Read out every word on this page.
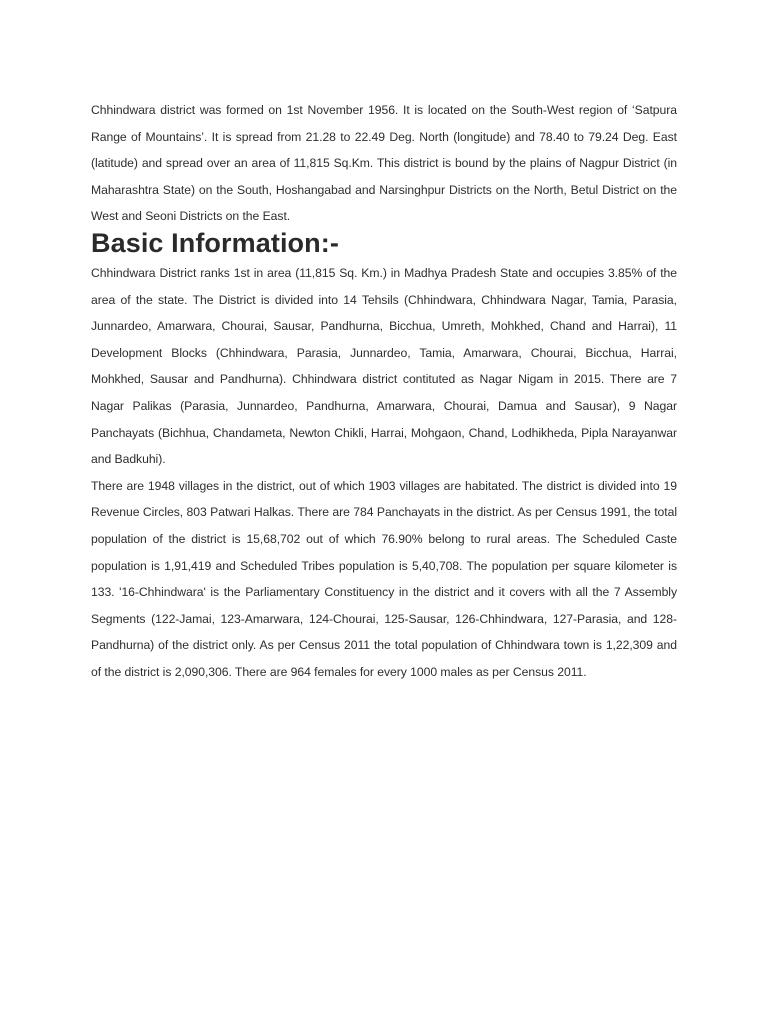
Chhindwara district was formed on 1st November 1956. It is located on the South-West region of ‘Satpura Range of Mountains’. It is spread from 21.28 to 22.49 Deg. North (longitude) and 78.40 to 79.24 Deg. East (latitude) and spread over an area of 11,815 Sq.Km. This district is bound by the plains of Nagpur District (in Maharashtra State) on the South, Hoshangabad and Narsinghpur Districts on the North, Betul District on the West and Seoni Districts on the East.

Basic Information:-

Chhindwara District ranks 1st in area (11,815 Sq. Km.) in Madhya Pradesh State and occupies 3.85% of the area of the state. The District is divided into 14 Tehsils (Chhindwara, Chhindwara Nagar, Tamia, Parasia, Junnardeo, Amarwara, Chourai, Sausar, Pandhurna, Bicchua, Umreth, Mohkhed, Chand and Harrai), 11 Development Blocks (Chhindwara, Parasia, Junnardeo, Tamia, Amarwara, Chourai, Bicchua, Harrai, Mohkhed, Sausar and Pandhurna). Chhindwara district contituted as Nagar Nigam in 2015. There are 7 Nagar Palikas (Parasia, Junnardeo, Pandhurna, Amarwara, Chourai, Damua and Sausar), 9 Nagar Panchayats (Bichhua, Chandameta, Newton Chikli, Harrai, Mohgaon, Chand, Lodhikheda, Pipla Narayanwar and Badkuhi).

There are 1948 villages in the district, out of which 1903 villages are habitated. The district is divided into 19 Revenue Circles, 803 Patwari Halkas. There are 784 Panchayats in the district. As per Census 1991, the total population of the district is 15,68,702 out of which 76.90% belong to rural areas. The Scheduled Caste population is 1,91,419 and Scheduled Tribes population is 5,40,708. The population per square kilometer is 133. '16-Chhindwara' is the Parliamentary Constituency in the district and it covers with all the 7 Assembly Segments (122-Jamai, 123-Amarwara, 124-Chourai, 125-Sausar, 126-Chhindwara, 127-Parasia, and 128-Pandhurna) of the district only. As per Census 2011 the total population of Chhindwara town is 1,22,309 and of the district is 2,090,306. There are 964 females for every 1000 males as per Census 2011.
